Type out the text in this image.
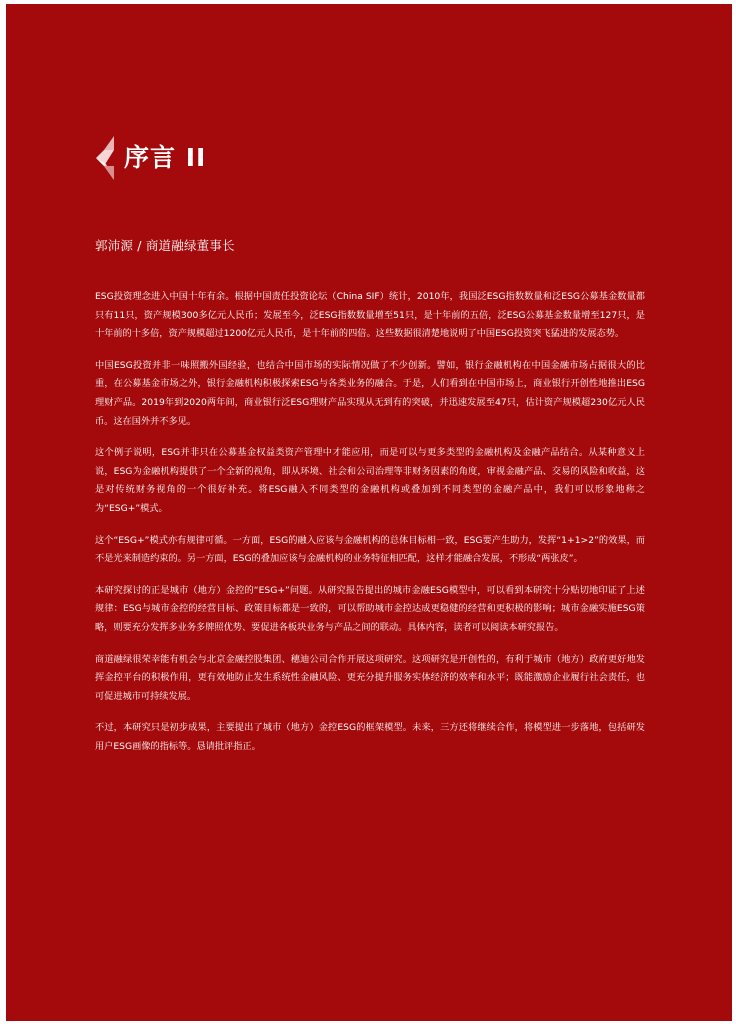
序言 II
郭沛源 / 商道融绿董事长

ESG投资理念进入中国十年有余。根据中国责任投资论坛（China SIF）统计，2010年，我国泛ESG指数数量和泛ESG公募基金数量都只有11只，资产规模300多亿元人民币；发展至今，泛ESG指数数量增至51只，是十年前的五倍，泛ESG公募基金数量增至127只，是十年前的十多倍，资产规模超过1200亿元人民币，是十年前的四倍。这些数据很清楚地说明了中国ESG投资突飞猛进的发展态势。

中国ESG投资并非一味照搬外国经验，也结合中国市场的实际情况做了不少创新。譬如，银行金融机构在中国金融市场占据很大的比重，在公募基金市场之外，银行金融机构积极探索ESG与各类业务的融合。于是，人们看到在中国市场上，商业银行开创性地推出ESG理财产品。2019年到2020两年间，商业银行泛ESG理财产品实现从无到有的突破，并迅速发展至47只，估计资产规模超230亿元人民币。这在国外并不多见。

这个例子说明，ESG并非只在公募基金权益类资产管理中才能应用，而是可以与更多类型的金融机构及金融产品结合。从某种意义上说，ESG为金融机构提供了一个全新的视角，即从环境、社会和公司治理等非财务因素的角度，审视金融产品、交易的风险和收益，这是对传统财务视角的一个很好补充。将ESG融入不同类型的金融机构或叠加到不同类型的金融产品中，我们可以形象地称之为“ESG+”模式。

这个“ESG+”模式亦有规律可循。一方面，ESG的融入应该与金融机构的总体目标相一致，ESG要产生助力，发挥“1+1>2”的效果，而不是光来制造约束的。另一方面，ESG的叠加应该与金融机构的业务特征相匹配，这样才能融合发展，不形成“两张皮”。

本研究探讨的正是城市（地方）金控的“ESG+”问题。从研究报告提出的城市金融ESG模型中，可以看到本研究十分贴切地印证了上述规律：ESG与城市金控的经营目标、政策目标都是一致的，可以帮助城市金控达成更稳健的经营和更积极的影响；城市金融实施ESG策略，则要充分发挥多业务多牌照优势、要促进各板块业务与产品之间的联动。具体内容，读者可以阅读本研究报告。

商道融绿很荣幸能有机会与北京金融控股集团、穗迪公司合作开展这项研究。这项研究是开创性的，有利于城市（地方）政府更好地发挥金控平台的积极作用，更有效地防止发生系统性金融风险、更充分提升服务实体经济的效率和水平；既能激励企业履行社会责任，也可促进城市可持续发展。

不过，本研究只是初步成果，主要提出了城市（地方）金控ESG的框架模型。未来，三方还将继续合作，将模型进一步落地，包括研发用户ESG画像的指标等。恳请批评指正。
